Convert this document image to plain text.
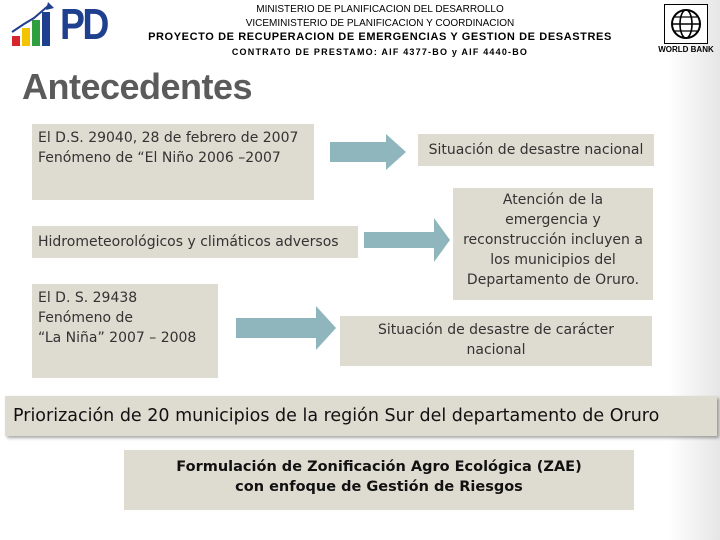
PD	MINISTERIO DE PLANIFICACION DEL DESARROLLO
VICEMINISTERIO DE PLANIFICACION Y COORDINACION
PROYECTO DE RECUPERACION DE EMERGENCIAS Y GESTION DE DESASTRES
CONTRATO DE PRESTAMO: AIF 4377-BO y AIF 4440-BO	WORLD BANK
Antecedentes
El D.S. 29040, 28 de febrero de 2007
Fenómeno de “El Niño 2006 –2007	Situación de desastre nacional
Hidrometeorológicos y climáticos adversos
Atención de la
emergencia y
reconstrucción incluyen a
los municipios del
Departamento de Oruro.
El D. S. 29438
Fenómeno de
“La Niña” 2007 – 2008	Situación de desastre de carácter
nacional
Priorización de 20 municipios de la región Sur del departamento de Oruro
Formulación de Zonificación Agro Ecológica (ZAE)
con enfoque de Gestión de Riesgos
